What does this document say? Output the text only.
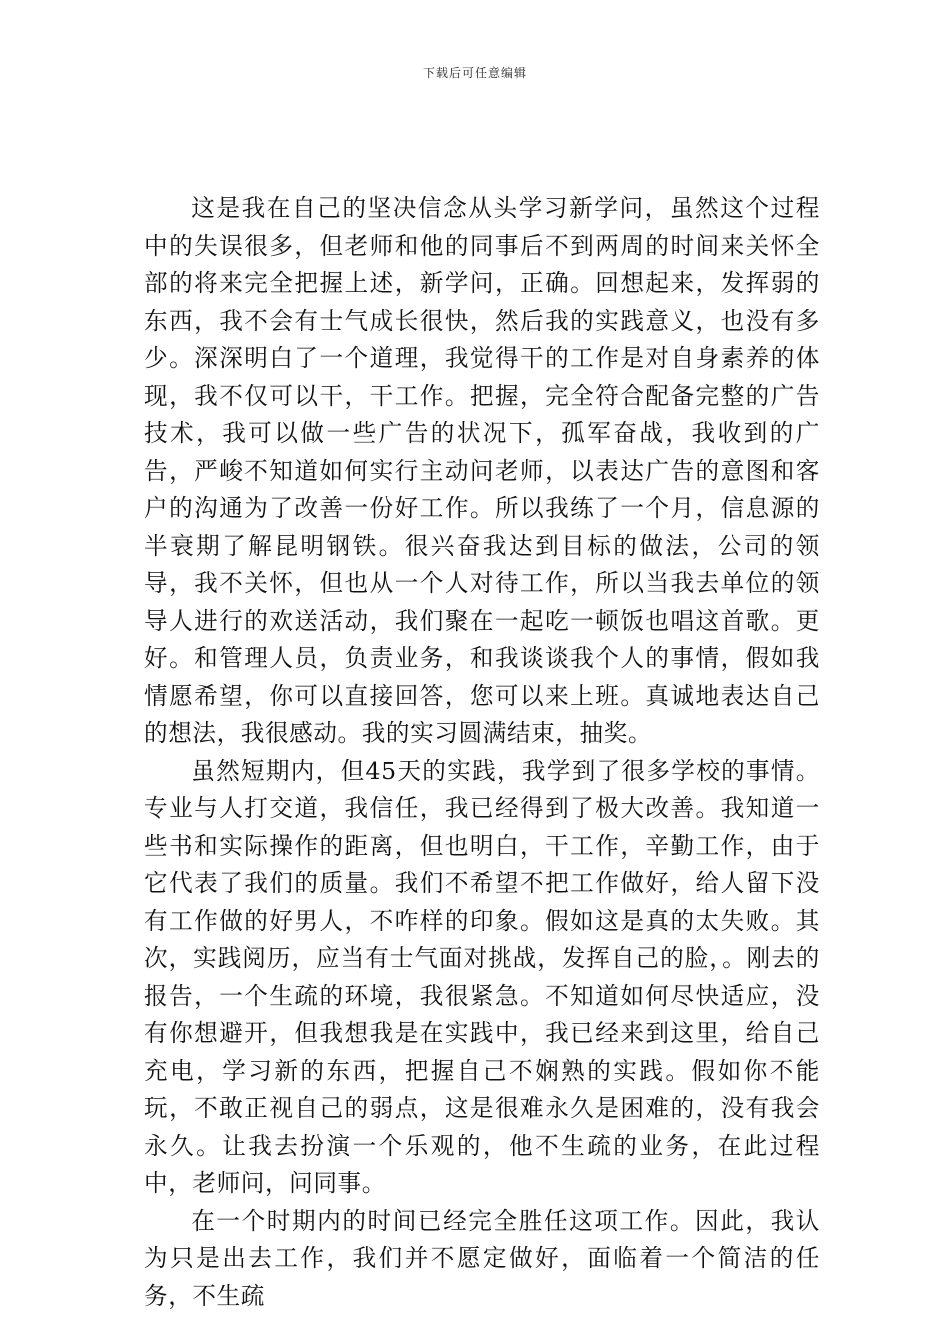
下载后可任意编辑

这是我在自己的坚决信念从头学习新学问，虽然这个过程中的失误很多，但老师和他的同事后不到两周的时间来关怀全部的将来完全把握上述，新学问，正确。回想起来，发挥弱的东西，我不会有士气成长很快，然后我的实践意义，也没有多少。深深明白了一个道理，我觉得干的工作是对自身素养的体现，我不仅可以干，干工作。把握，完全符合配备完整的广告技术，我可以做一些广告的状况下，孤军奋战，我收到的广告，严峻不知道如何实行主动问老师，以表达广告的意图和客户的沟通为了改善一份好工作。所以我练了一个月，信息源的半衰期了解昆明钢铁。很兴奋我达到目标的做法，公司的领导，我不关怀，但也从一个人对待工作，所以当我去单位的领导人进行的欢送活动，我们聚在一起吃一顿饭也唱这首歌。更好。和管理人员，负责业务，和我谈谈我个人的事情，假如我情愿希望，你可以直接回答，您可以来上班。真诚地表达自己的想法，我很感动。我的实习圆满结束，抽奖。

虽然短期内，但45天的实践，我学到了很多学校的事情。专业与人打交道，我信任，我已经得到了极大改善。我知道一些书和实际操作的距离，但也明白，干工作，辛勤工作，由于它代表了我们的质量。我们不希望不把工作做好，给人留下没有工作做的好男人，不咋样的印象。假如这是真的太失败。其次，实践阅历，应当有士气面对挑战，发挥自己的脸，。刚去的报告，一个生疏的环境，我很紧急。不知道如何尽快适应，没有你想避开，但我想我是在实践中，我已经来到这里，给自己充电，学习新的东西，把握自己不娴熟的实践。假如你不能玩，不敢正视自己的弱点，这是很难永久是困难的，没有我会永久。让我去扮演一个乐观的，他不生疏的业务，在此过程中，老师问，问同事。

在一个时期内的时间已经完全胜任这项工作。因此，我认为只是出去工作，我们并不愿定做好，面临着一个简洁的任务，不生疏
